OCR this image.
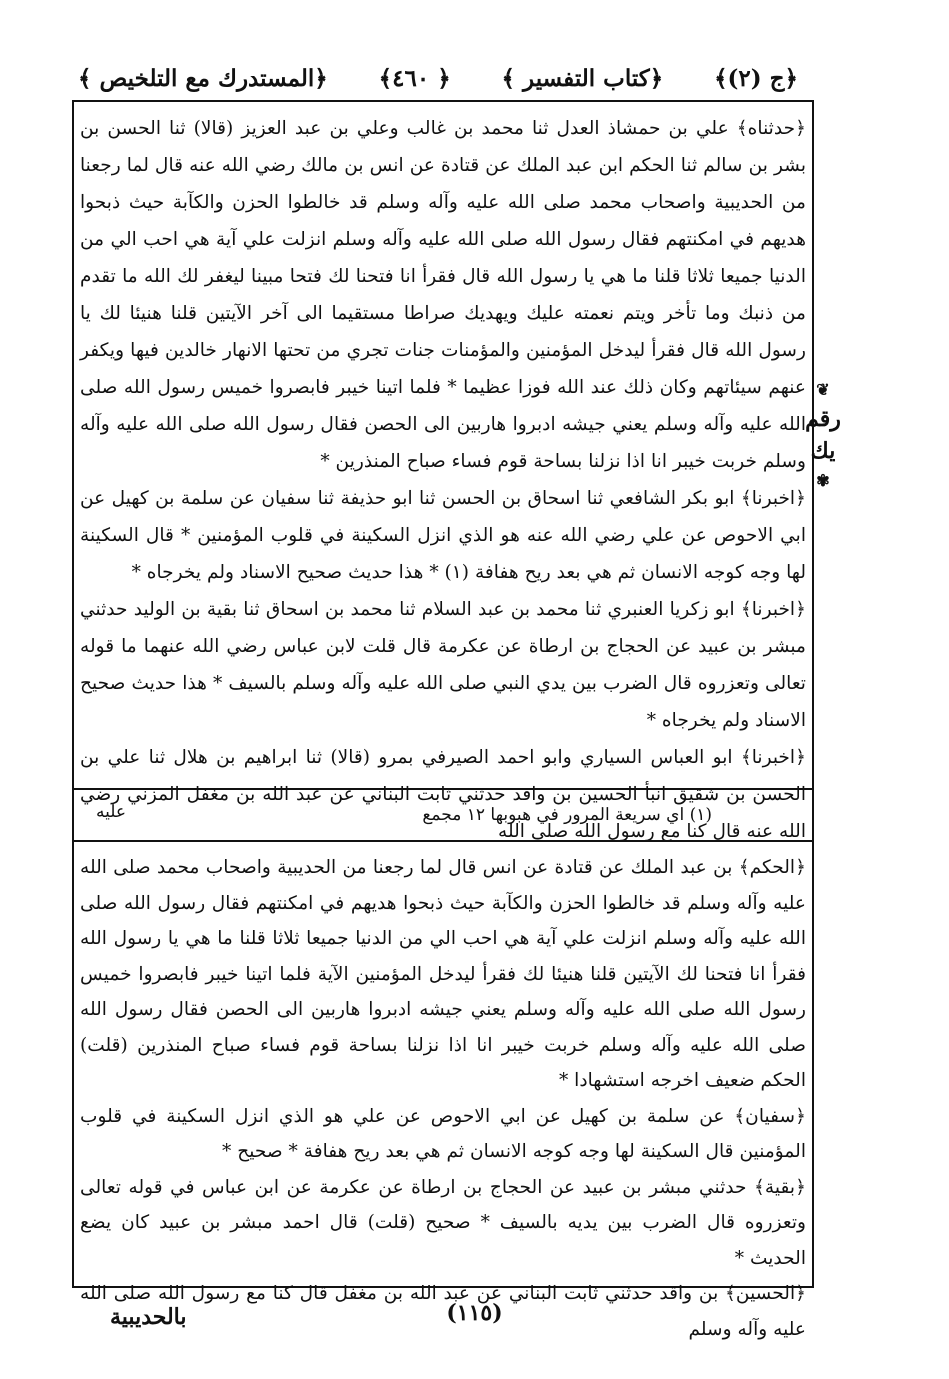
﴿المستدرك مع التلخيص ﴾ ﴿ ٤٦٠﴾ ﴿كتاب التفسير ﴾ ﴿ج (٢)﴾
❦
رقم
يك
✾

﴿حدثناه﴾ علي بن حمشاذ العدل ثنا محمد بن غالب وعلي بن عبد العزيز (قالا) ثنا الحسن بن بشر بن سالم ثنا الحكم ابن عبد الملك عن قتادة عن انس بن مالك رضي الله عنه قال لما رجعنا من الحديبية واصحاب محمد صلى الله عليه وآله وسلم قد خالطوا الحزن والكآبة حيث ذبحوا هديهم في امكنتهم فقال رسول الله صلى الله عليه وآله وسلم انزلت علي آية هي احب الي من الدنيا جميعا ثلاثا قلنا ما هي يا رسول الله قال فقرأ انا فتحنا لك فتحا مبينا ليغفر لك الله ما تقدم من ذنبك وما تأخر ويتم نعمته عليك ويهديك صراطا مستقيما الى آخر الآيتين قلنا هنيئا لك يا رسول الله قال فقرأ ليدخل المؤمنين والمؤمنات جنات تجري من تحتها الانهار خالدين فيها ويكفر عنهم سيئاتهم وكان ذلك عند الله فوزا عظيما * فلما اتينا خيبر فابصروا خميس رسول الله صلى الله عليه وآله وسلم يعني جيشه ادبروا هاربين الى الحصن فقال رسول الله صلى الله عليه وآله وسلم خربت خيبر انا اذا نزلنا بساحة قوم فساء صباح المنذرين *

﴿اخبرنا﴾ ابو بكر الشافعي ثنا اسحاق بن الحسن ثنا ابو حذيفة ثنا سفيان عن سلمة بن كهيل عن ابي الاحوص عن علي رضي الله عنه هو الذي انزل السكينة في قلوب المؤمنين * قال السكينة لها وجه كوجه الانسان ثم هي بعد ريح هفافة (١) * هذا حديث صحيح الاسناد ولم يخرجاه *

﴿اخبرنا﴾ ابو زكريا العنبري ثنا محمد بن عبد السلام ثنا محمد بن اسحاق ثنا بقية بن الوليد حدثني مبشر بن عبيد عن الحجاج بن ارطاة عن عكرمة قال قلت لابن عباس رضي الله عنهما ما قوله تعالى وتعزروه قال الضرب بين يدي النبي صلى الله عليه وآله وسلم بالسيف * هذا حديث صحيح الاسناد ولم يخرجاه *

﴿اخبرنا﴾ ابو العباس السياري وابو احمد الصيرفي بمرو (قالا) ثنا ابراهيم بن هلال ثنا علي بن الحسن بن شقيق انبأ الحسين بن واقد حدثني ثابت البناني عن عبد الله بن مغفل المزني رضي الله عنه قال كنا مع رسول الله صلى الله

(١) اي سريعة المرور في هبوبها ١٢ مجمع
عليه

﴿الحكم﴾ بن عبد الملك عن قتادة عن انس قال لما رجعنا من الحديبية واصحاب محمد صلى الله عليه وآله وسلم قد خالطوا الحزن والكآبة حيث ذبحوا هديهم في امكنتهم فقال رسول الله صلى الله عليه وآله وسلم انزلت علي آية هي احب الي من الدنيا جميعا ثلاثا قلنا ما هي يا رسول الله فقرأ انا فتحنا لك الآيتين قلنا هنيئا لك فقرأ ليدخل المؤمنين الآية فلما اتينا خيبر فابصروا خميس رسول الله صلى الله عليه وآله وسلم يعني جيشه ادبروا هاربين الى الحصن فقال رسول الله صلى الله عليه وآله وسلم خربت خيبر انا اذا نزلنا بساحة قوم فساء صباح المنذرين (قلت) الحكم ضعيف اخرجه استشهادا *

﴿سفيان﴾ عن سلمة بن كهيل عن ابي الاحوص عن علي هو الذي انزل السكينة في قلوب المؤمنين قال السكينة لها وجه كوجه الانسان ثم هي بعد ريح هفافة * صحيح *

﴿بقية﴾ حدثني مبشر بن عبيد عن الحجاج بن ارطاة عن عكرمة عن ابن عباس في قوله تعالى وتعزروه قال الضرب بين يديه بالسيف * صحيح (قلت) قال احمد مبشر بن عبيد كان يضع الحديث *

﴿الحسين﴾ بن واقد حدثني ثابت البناني عن عبد الله بن مغفل قال كنا مع رسول الله صلى الله عليه وآله وسلم

(١١٥)
بالحديبية
